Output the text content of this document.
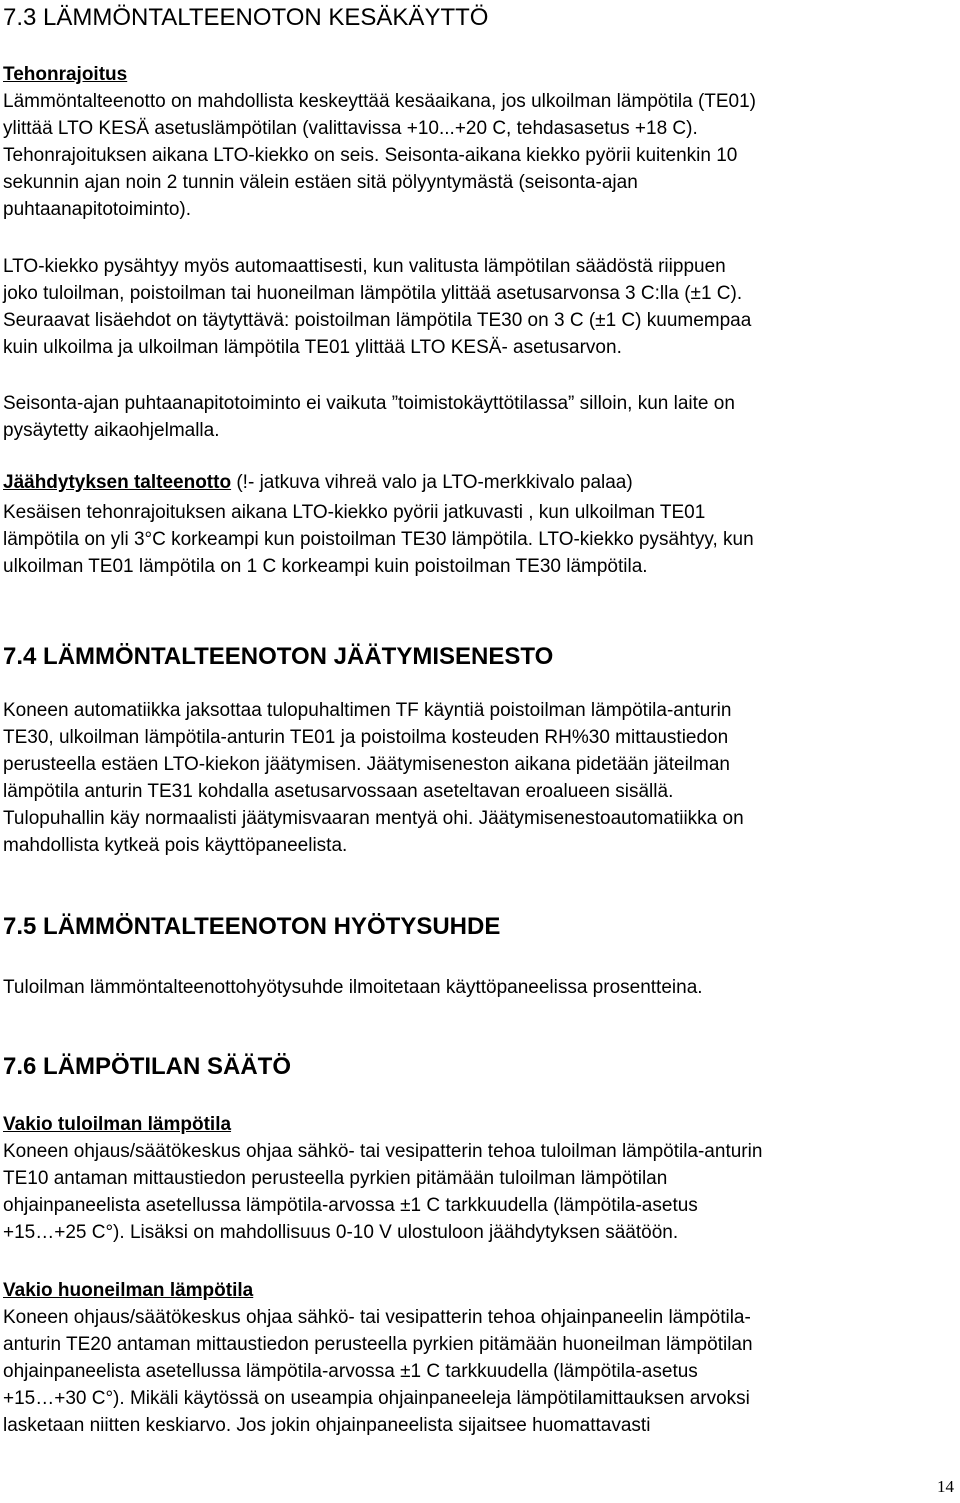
7.3 LÄMMÖNTALTEENOTON KESÄKÄYTTÖ
Tehonrajoitus
Lämmöntalteenotto on mahdollista keskeyttää kesäaikana, jos ulkoilman lämpötila (TE01)
ylittää LTO KESÄ asetuslämpötilan (valittavissa +10...+20 C, tehdasasetus +18 C).
Tehonrajoituksen aikana LTO-kiekko on seis. Seisonta-aikana kiekko pyörii kuitenkin 10
sekunnin ajan noin 2 tunnin välein estäen sitä pölyyntymästä (seisonta-ajan
puhtaanapitotoiminto).
LTO-kiekko pysähtyy myös automaattisesti, kun valitusta lämpötilan säädöstä riippuen
joko tuloilman, poistoilman tai huoneilman lämpötila ylittää asetusarvonsa 3 C:lla (±1 C).
Seuraavat lisäehdot on täytyttävä: poistoilman lämpötila TE30 on 3 C (±1 C) kuumempaa
kuin ulkoilma ja ulkoilman lämpötila TE01 ylittää LTO KESÄ- asetusarvon.
Seisonta-ajan puhtaanapitotoiminto ei vaikuta ”toimistokäyttötilassa” silloin, kun laite on
pysäytetty aikaohjelmalla.
Jäähdytyksen talteenotto (!- jatkuva vihreä valo ja LTO-merkkivalo palaa)
Kesäisen tehonrajoituksen aikana LTO-kiekko pyörii jatkuvasti , kun ulkoilman TE01
lämpötila on yli 3°C korkeampi kun poistoilman TE30 lämpötila. LTO-kiekko pysähtyy, kun
ulkoilman TE01 lämpötila on 1 C korkeampi kuin poistoilman TE30 lämpötila.
7.4 LÄMMÖNTALTEENOTON JÄÄTYMISENESTO
Koneen automatiikka jaksottaa tulopuhaltimen TF käyntiä poistoilman lämpötila-anturin
TE30, ulkoilman lämpötila-anturin TE01 ja poistoilma kosteuden RH%30 mittaustiedon
perusteella estäen LTO-kiekon jäätymisen. Jäätymiseneston aikana pidetään jäteilman
lämpötila anturin TE31 kohdalla asetusarvossaan aseteltavan eroalueen sisällä.
Tulopuhallin käy normaalisti jäätymisvaaran mentyä ohi. Jäätymisenestoautomatiikka on
mahdollista kytkeä pois käyttöpaneelista.
7.5 LÄMMÖNTALTEENOTON HYÖTYSUHDE
Tuloilman lämmöntalteenottohyötysuhde ilmoitetaan käyttöpaneelissa prosentteina.
7.6 LÄMPÖTILAN SÄÄTÖ
Vakio tuloilman lämpötila
Koneen ohjaus/säätökeskus ohjaa sähkö- tai vesipatterin tehoa tuloilman lämpötila-anturin
TE10 antaman mittaustiedon perusteella pyrkien pitämään tuloilman lämpötilan
ohjainpaneelista asetellussa lämpötila-arvossa ±1 C tarkkuudella (lämpötila-asetus
+15…+25 C°). Lisäksi on mahdollisuus 0-10 V ulostuloon jäähdytyksen säätöön.
Vakio huoneilman lämpötila
Koneen ohjaus/säätökeskus ohjaa sähkö- tai vesipatterin tehoa ohjainpaneelin lämpötila-
anturin TE20 antaman mittaustiedon perusteella pyrkien pitämään huoneilman lämpötilan
ohjainpaneelista asetellussa lämpötila-arvossa ±1 C tarkkuudella (lämpötila-asetus
+15…+30 C°). Mikäli käytössä on useampia ohjainpaneeleja lämpötilamittauksen arvoksi
lasketaan niitten keskiarvo. Jos jokin ohjainpaneelista sijaitsee huomattavasti
14
